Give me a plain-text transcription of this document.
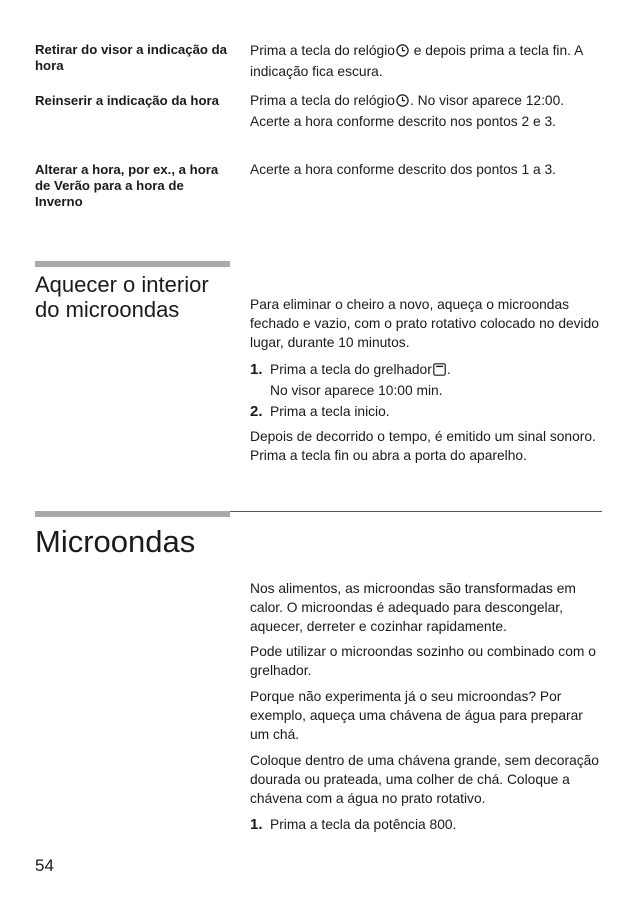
Retirar do visor a indicação da hora
Prima a tecla do relógio e depois prima a tecla fin. A indicação fica escura.
Reinserir a indicação da hora	Prima a tecla do relógio . No visor aparece 12:00. Acerte a hora conforme descrito nos pontos 2 e 3.
Alterar a hora, por ex., a hora de Verão para a hora de Inverno
Acerte a hora conforme descrito dos pontos 1 a 3.
Aquecer o interior
do microondas	Para eliminar o cheiro a novo, aqueça o microondas fechado e vazio, com o prato rotativo colocado no devido lugar, durante 10 minutos.
1. Prima a tecla do grelhador .
No visor aparece 10:00 min.
2. Prima a tecla inicio.
Depois de decorrido o tempo, é emitido um sinal sonoro. Prima a tecla fin ou abra a porta do aparelho.
Microondas
Nos alimentos, as microondas são transformadas em calor. O microondas é adequado para descongelar, aquecer, derreter e cozinhar rapidamente.
Pode utilizar o microondas sozinho ou combinado com o grelhador.
Porque não experimenta já o seu microondas? Por exemplo, aqueça uma chávena de água para preparar um chá.
Coloque dentro de uma chávena grande, sem decoração dourada ou prateada, uma colher de chá. Coloque a chávena com a água no prato rotativo.
1. Prima a tecla da potência 800.
54
